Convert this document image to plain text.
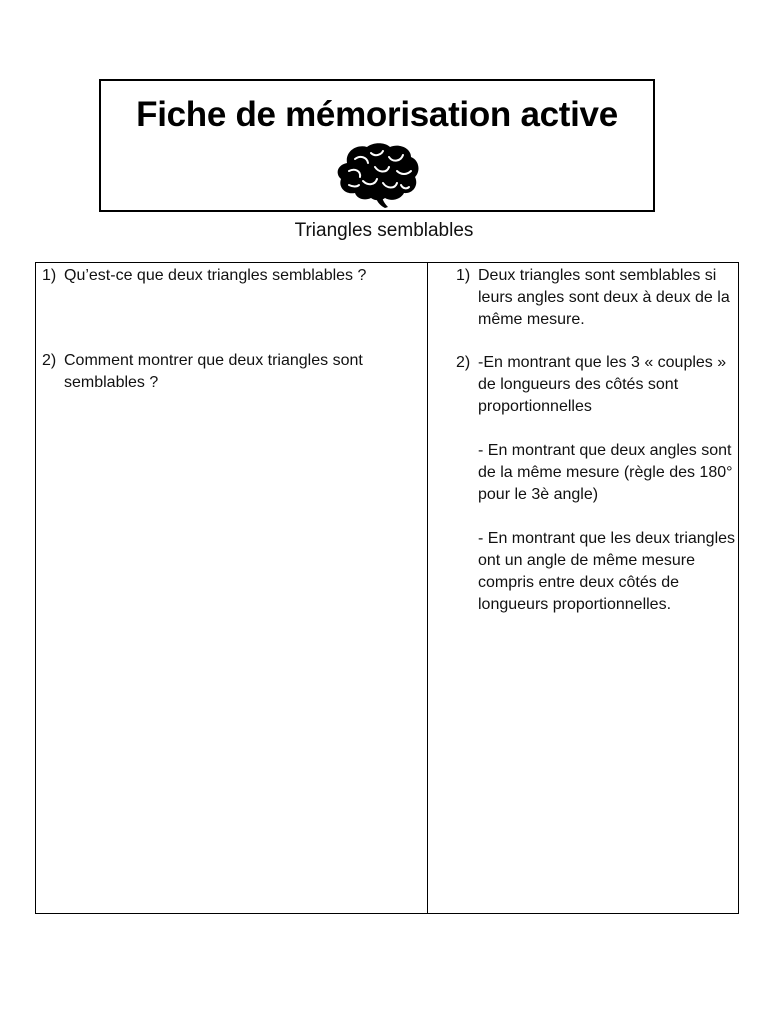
Fiche de mémorisation active
Triangles semblables
1) Qu’est-ce que deux triangles semblables ?
2) Comment montrer que deux triangles sont semblables ?
1) Deux triangles sont semblables si leurs angles sont deux à deux de la même mesure.

2) -En montrant que les 3 « couples » de longueurs des côtés sont proportionnelles

- En montrant que deux angles sont de la même mesure (règle des 180° pour le 3è angle)

- En montrant que les deux triangles ont un angle de même mesure compris entre deux côtés de longueurs proportionnelles.
